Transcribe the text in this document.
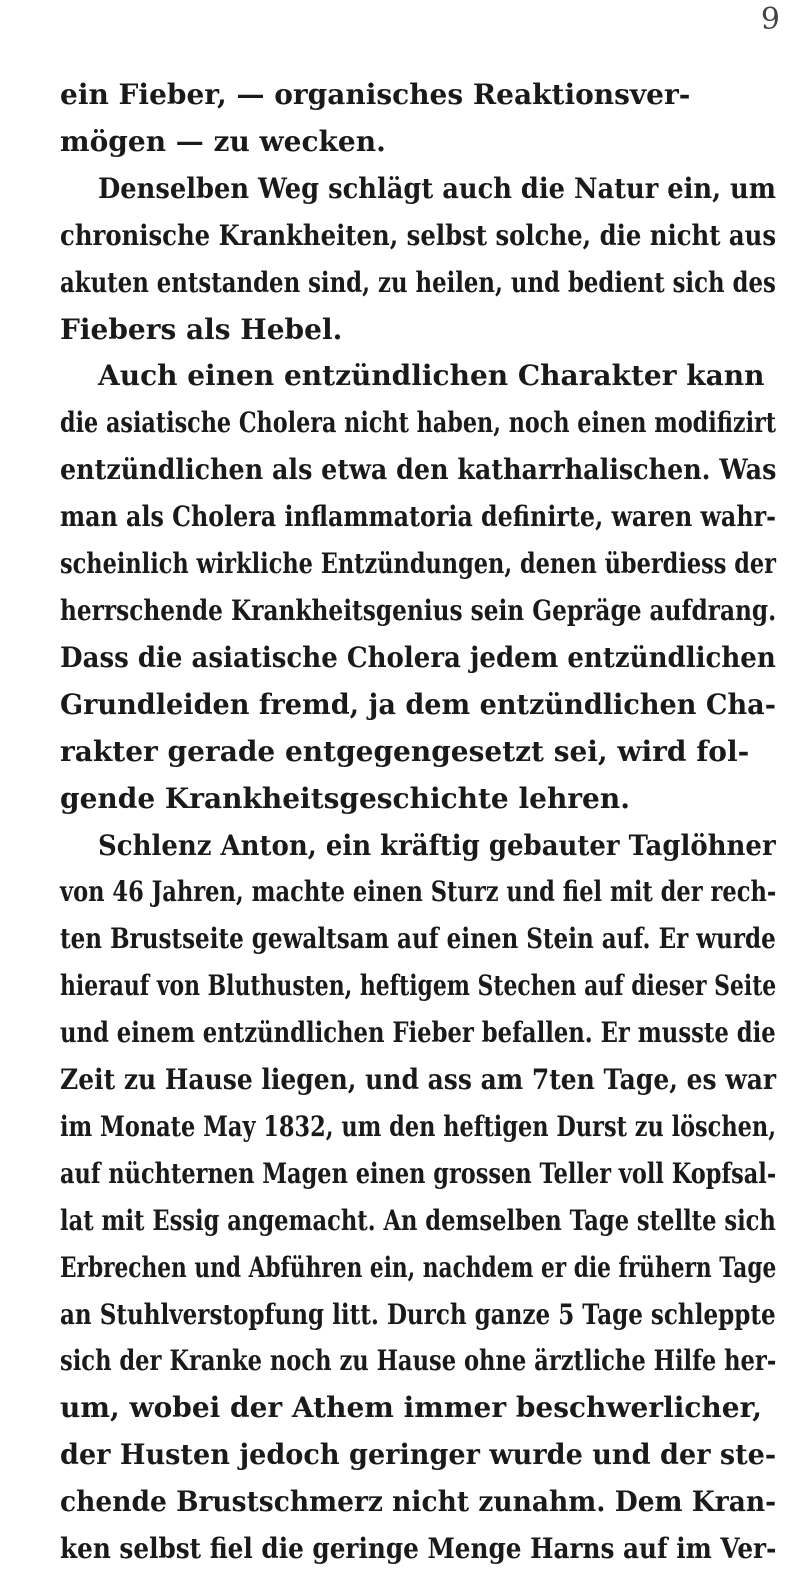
9
ein Fieber, — organisches Reaktionsver-
mögen — zu wecken.
Denselben Weg schlägt auch die Natur ein, um
chronische Krankheiten, selbst solche, die nicht aus
akuten entstanden sind, zu heilen, und bedient sich des
Fiebers als Hebel.
Auch einen entzündlichen Charakter kann
die asiatische Cholera nicht haben, noch einen modifizirt
entzündlichen als etwa den katharrhalischen. Was
man als Cholera inflammatoria definirte, waren wahr-
scheinlich wirkliche Entzündungen, denen überdiess der
herrschende Krankheitsgenius sein Gepräge aufdrang.
Dass die asiatische Cholera jedem entzündlichen
Grundleiden fremd, ja dem entzündlichen Cha-
rakter gerade entgegengesetzt sei, wird fol-
gende Krankheitsgeschichte lehren.
Schlenz Anton, ein kräftig gebauter Taglöhner
von 46 Jahren, machte einen Sturz und fiel mit der rech-
ten Brustseite gewaltsam auf einen Stein auf. Er wurde
hierauf von Bluthusten, heftigem Stechen auf dieser Seite
und einem entzündlichen Fieber befallen. Er musste die
Zeit zu Hause liegen, und ass am 7ten Tage, es war
im Monate May 1832, um den heftigen Durst zu löschen,
auf nüchternen Magen einen grossen Teller voll Kopfsal-
lat mit Essig angemacht. An demselben Tage stellte sich
Erbrechen und Abführen ein, nachdem er die frühern Tage
an Stuhlverstopfung litt. Durch ganze 5 Tage schleppte
sich der Kranke noch zu Hause ohne ärztliche Hilfe her-
um, wobei der Athem immer beschwerlicher,
der Husten jedoch geringer wurde und der ste-
chende Brustschmerz nicht zunahm. Dem Kran-
ken selbst fiel die geringe Menge Harns auf im Ver-
